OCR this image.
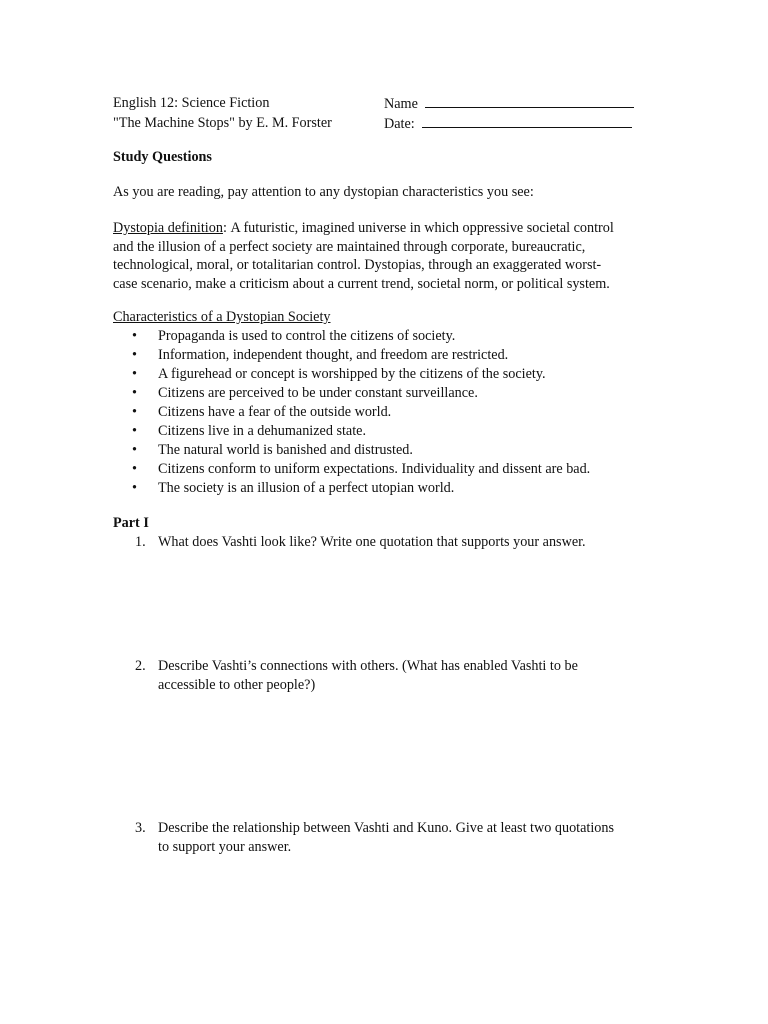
English 12: Science Fiction	Name
"The Machine Stops" by E. M. Forster	Date:
Study Questions
As you are reading, pay attention to any dystopian characteristics you see:
Dystopia definition: A futuristic, imagined universe in which oppressive societal control
and the illusion of a perfect society are maintained through corporate, bureaucratic,
technological, moral, or totalitarian control. Dystopias, through an exaggerated worst-
case scenario, make a criticism about a current trend, societal norm, or political system.
Characteristics of a Dystopian Society
• Propaganda is used to control the citizens of society.
• Information, independent thought, and freedom are restricted.
• A figurehead or concept is worshipped by the citizens of the society.
• Citizens are perceived to be under constant surveillance.
• Citizens have a fear of the outside world.
• Citizens live in a dehumanized state.
• The natural world is banished and distrusted.
• Citizens conform to uniform expectations. Individuality and dissent are bad.
• The society is an illusion of a perfect utopian world.
Part I
1. What does Vashti look like? Write one quotation that supports your answer.
2. Describe Vashti’s connections with others. (What has enabled Vashti to be
accessible to other people?)
3. Describe the relationship between Vashti and Kuno. Give at least two quotations
to support your answer.
